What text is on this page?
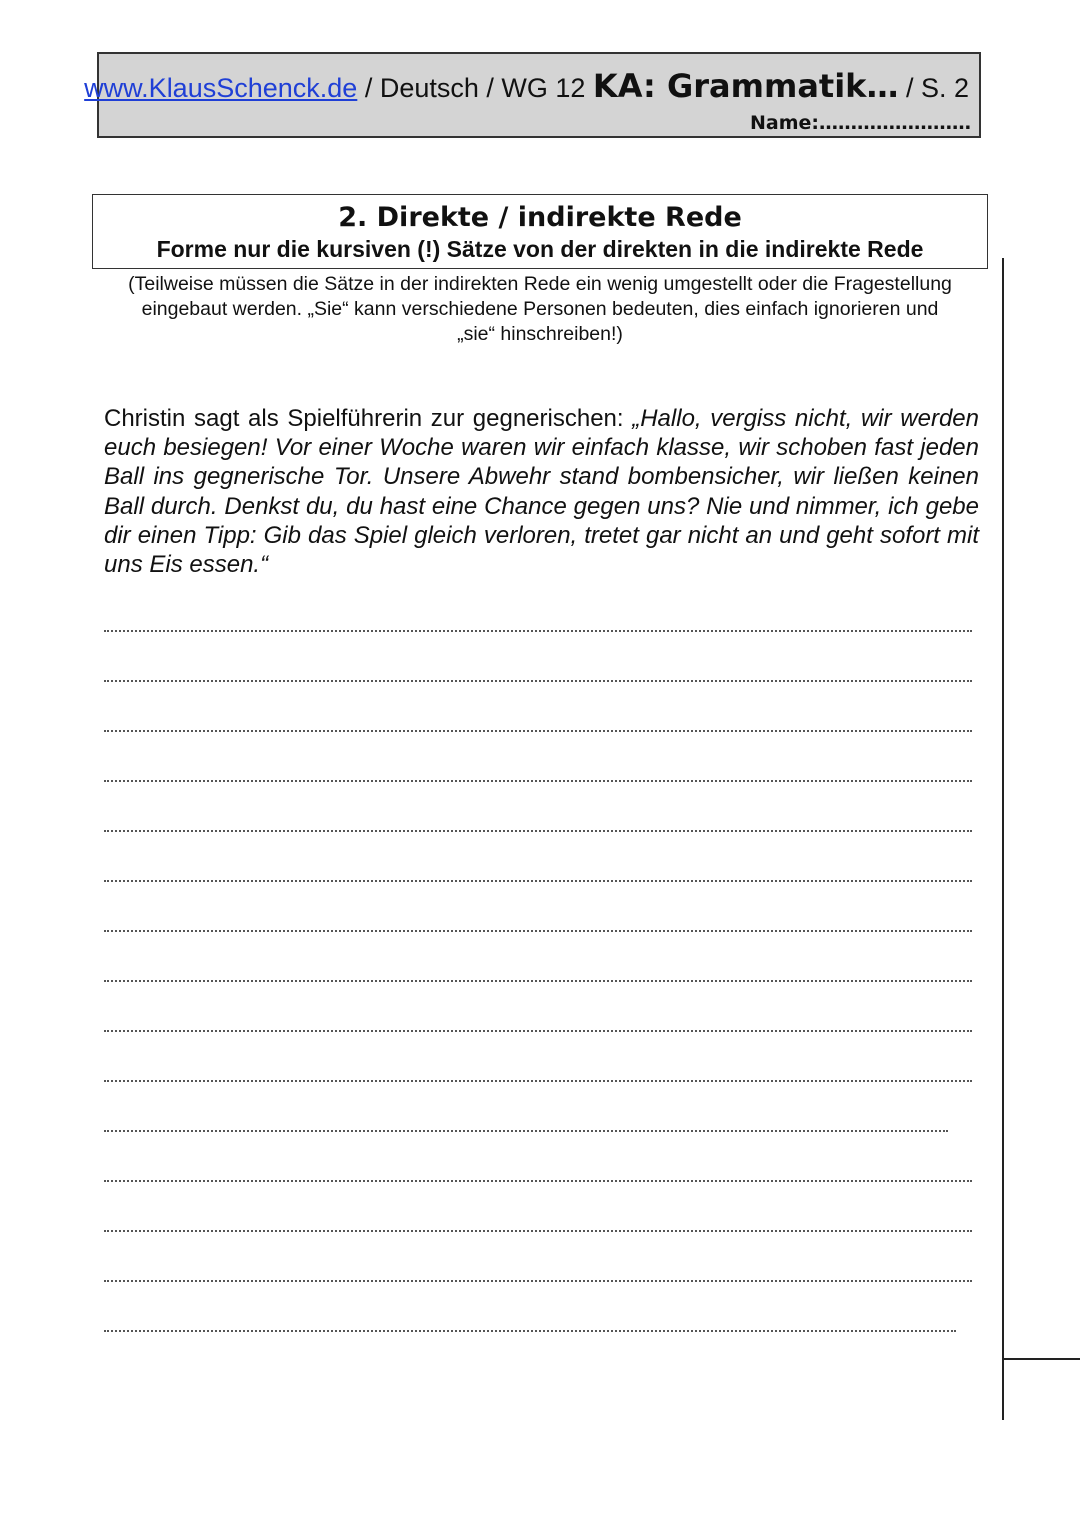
www.KlausSchenck.de / Deutsch / WG 12 KA: Grammatik… / S. 2
Name:……………………
2. Direkte / indirekte Rede
Forme nur die kursiven (!) Sätze von der direkten in die indirekte Rede
(Teilweise müssen die Sätze in der indirekten Rede ein wenig umgestellt oder die Fragestellung eingebaut werden. „Sie“ kann verschiedene Personen bedeuten, dies einfach ignorieren und „sie“ hinschreiben!)
Christin sagt als Spielführerin zur gegnerischen: „Hallo, vergiss nicht, wir werden euch besiegen! Vor einer Woche waren wir einfach klasse, wir schoben fast jeden Ball ins gegnerische Tor. Unsere Abwehr stand bombensicher, wir ließen keinen Ball durch. Denkst du, du hast eine Chance gegen uns? Nie und nimmer, ich gebe dir einen Tipp: Gib das Spiel gleich verloren, tretet gar nicht an und geht sofort mit uns Eis essen.“
